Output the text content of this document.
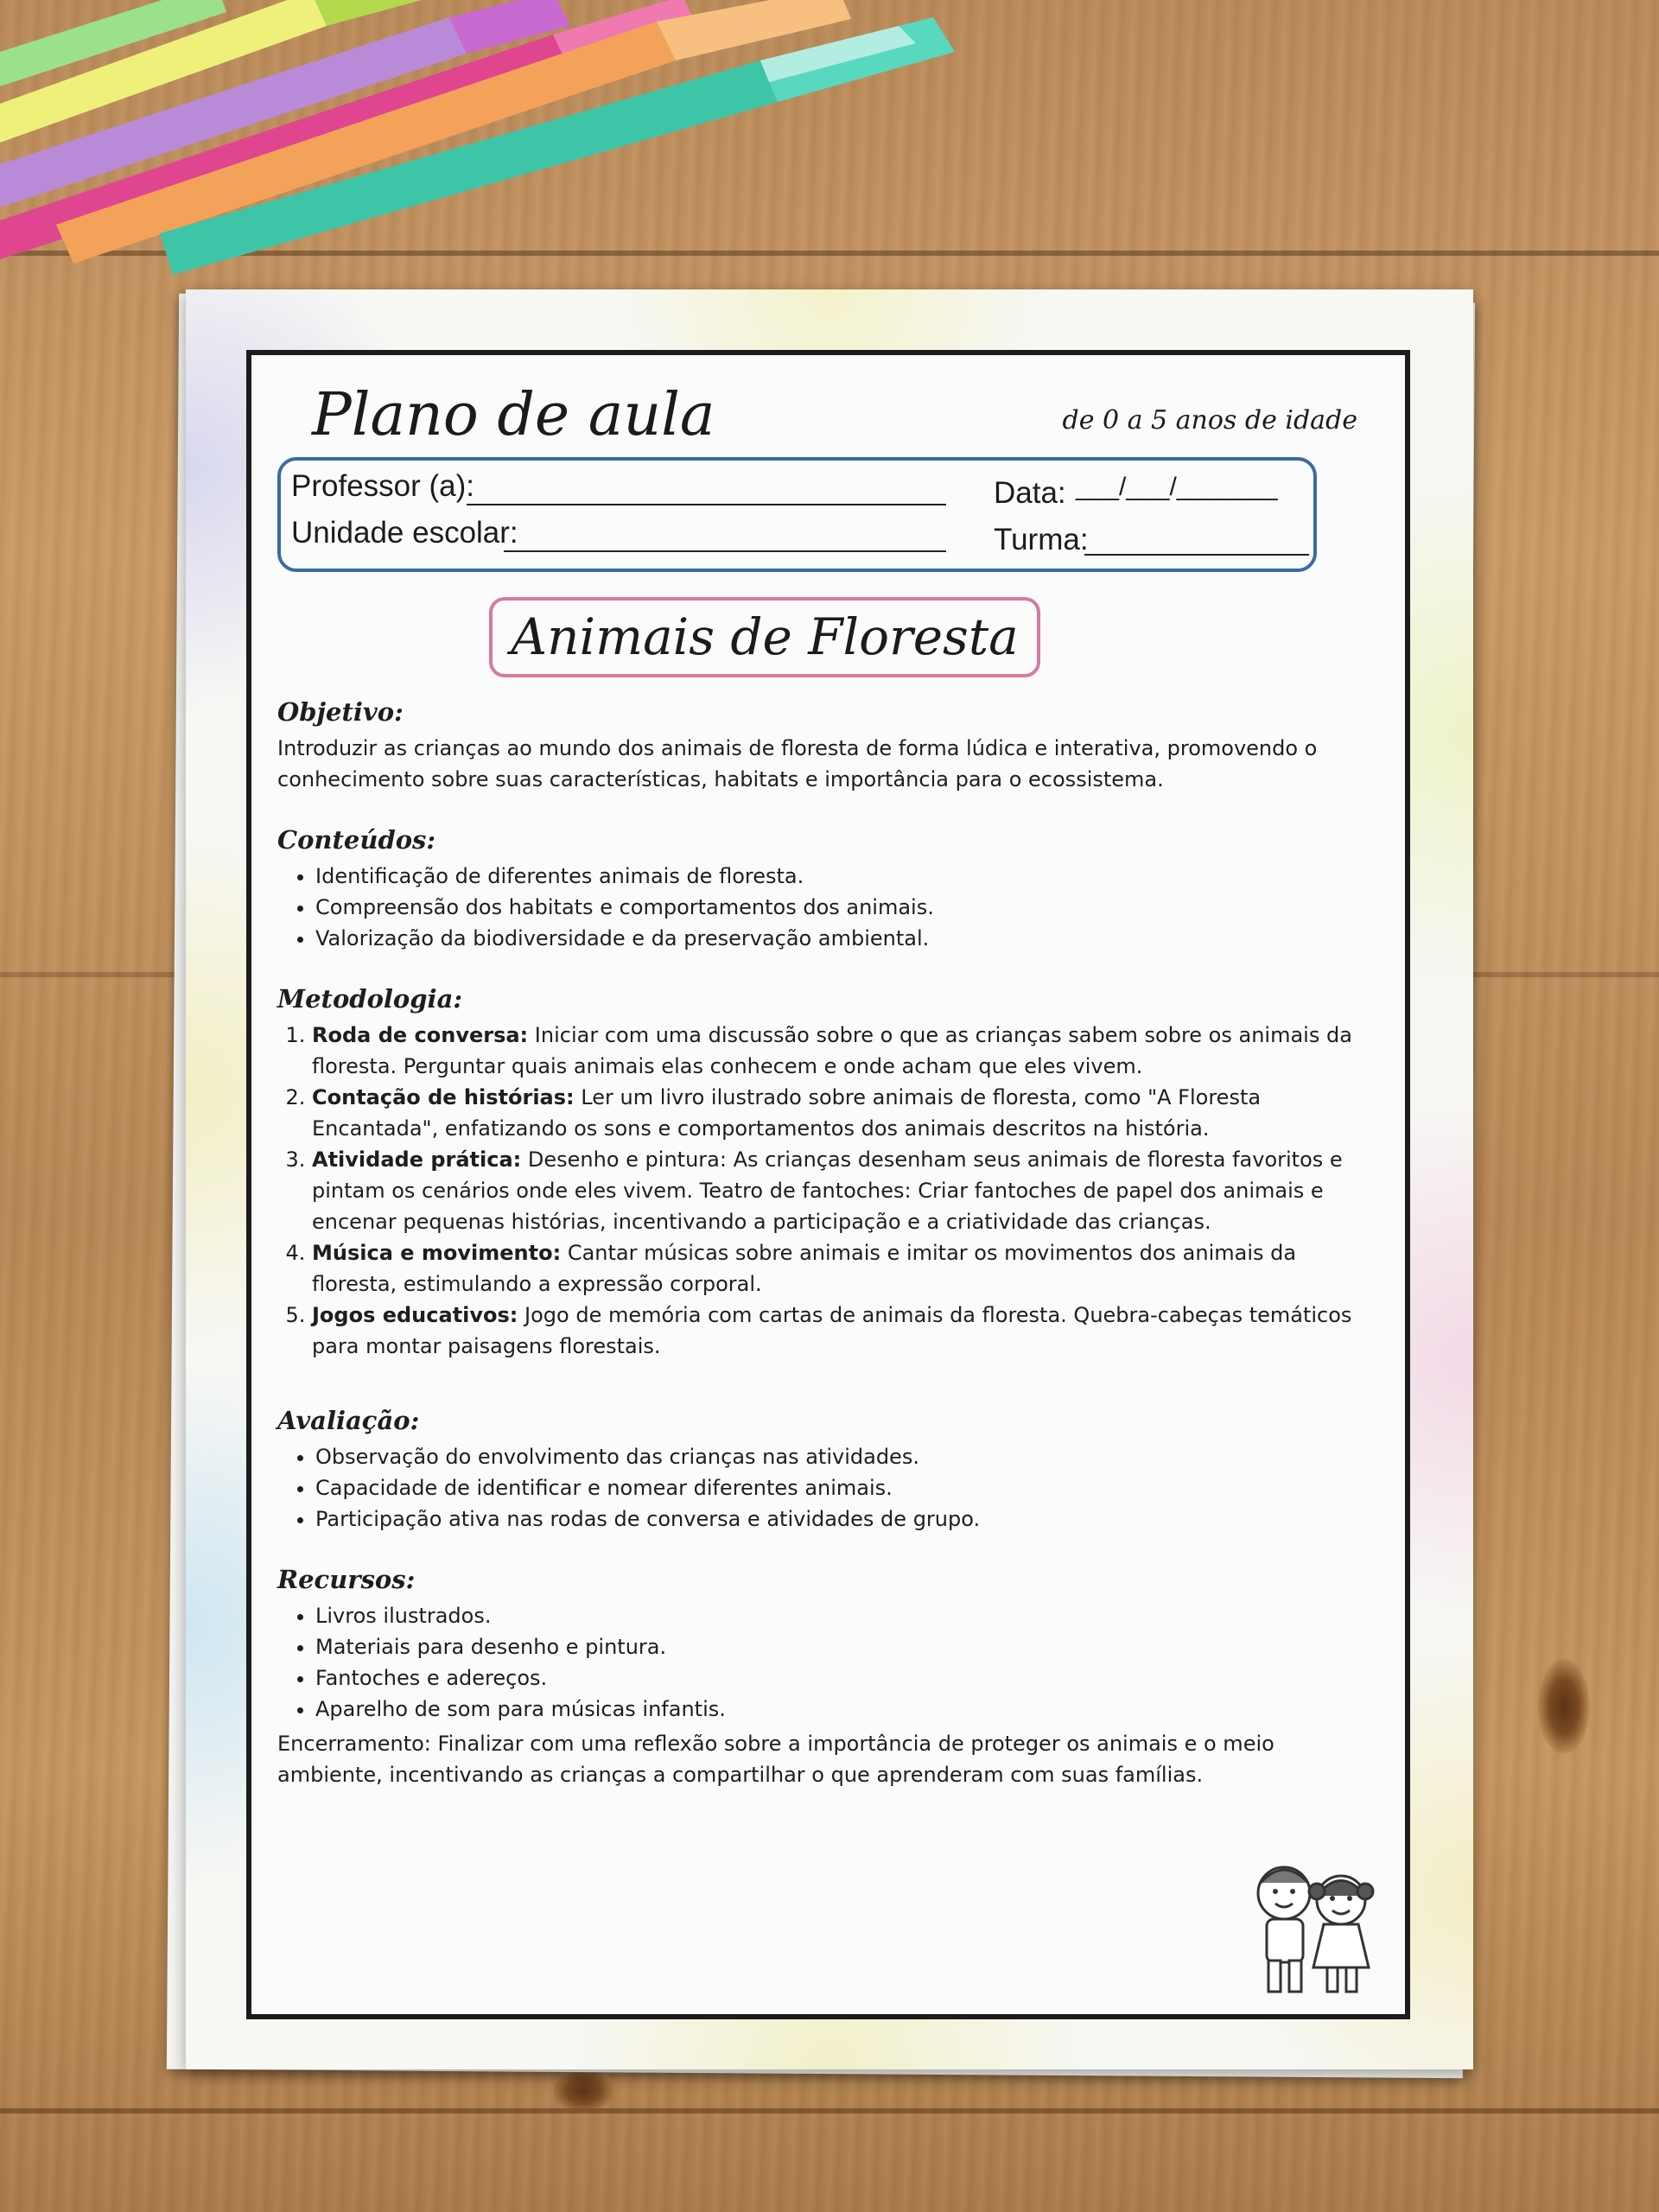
Plano de aula	de 0 a 5 anos de idade
Professor (a):	Data: ___/___/_______
Unidade escolar:	Turma:
Animais de Floresta
Objetivo:

Introduzir as crianças ao mundo dos animais de floresta de forma lúdica e interativa, promovendo o conhecimento sobre suas características, habitats e importância para o ecossistema.

Conteúdos:
• Identificação de diferentes animais de floresta.
• Compreensão dos habitats e comportamentos dos animais.
• Valorização da biodiversidade e da preservação ambiental.
Metodologia:
1. Roda de conversa: Iniciar com uma discussão sobre o que as crianças sabem sobre os animais da floresta. Perguntar quais animais elas conhecem e onde acham que eles vivem.
2. Contação de histórias: Ler um livro ilustrado sobre animais de floresta, como "A Floresta Encantada", enfatizando os sons e comportamentos dos animais descritos na história.
3. Atividade prática: Desenho e pintura: As crianças desenham seus animais de floresta favoritos e pintam os cenários onde eles vivem. Teatro de fantoches: Criar fantoches de papel dos animais e encenar pequenas histórias, incentivando a participação e a criatividade das crianças.
4. Música e movimento: Cantar músicas sobre animais e imitar os movimentos dos animais da floresta, estimulando a expressão corporal.
5. Jogos educativos: Jogo de memória com cartas de animais da floresta. Quebra-cabeças temáticos para montar paisagens florestais.
Avaliação:
• Observação do envolvimento das crianças nas atividades.
• Capacidade de identificar e nomear diferentes animais.
• Participação ativa nas rodas de conversa e atividades de grupo.
Recursos:
• Livros ilustrados.
• Materiais para desenho e pintura.
• Fantoches e adereços.
• Aparelho de som para músicas infantis.

Encerramento: Finalizar com uma reflexão sobre a importância de proteger os animais e o meio ambiente, incentivando as crianças a compartilhar o que aprenderam com suas famílias.
